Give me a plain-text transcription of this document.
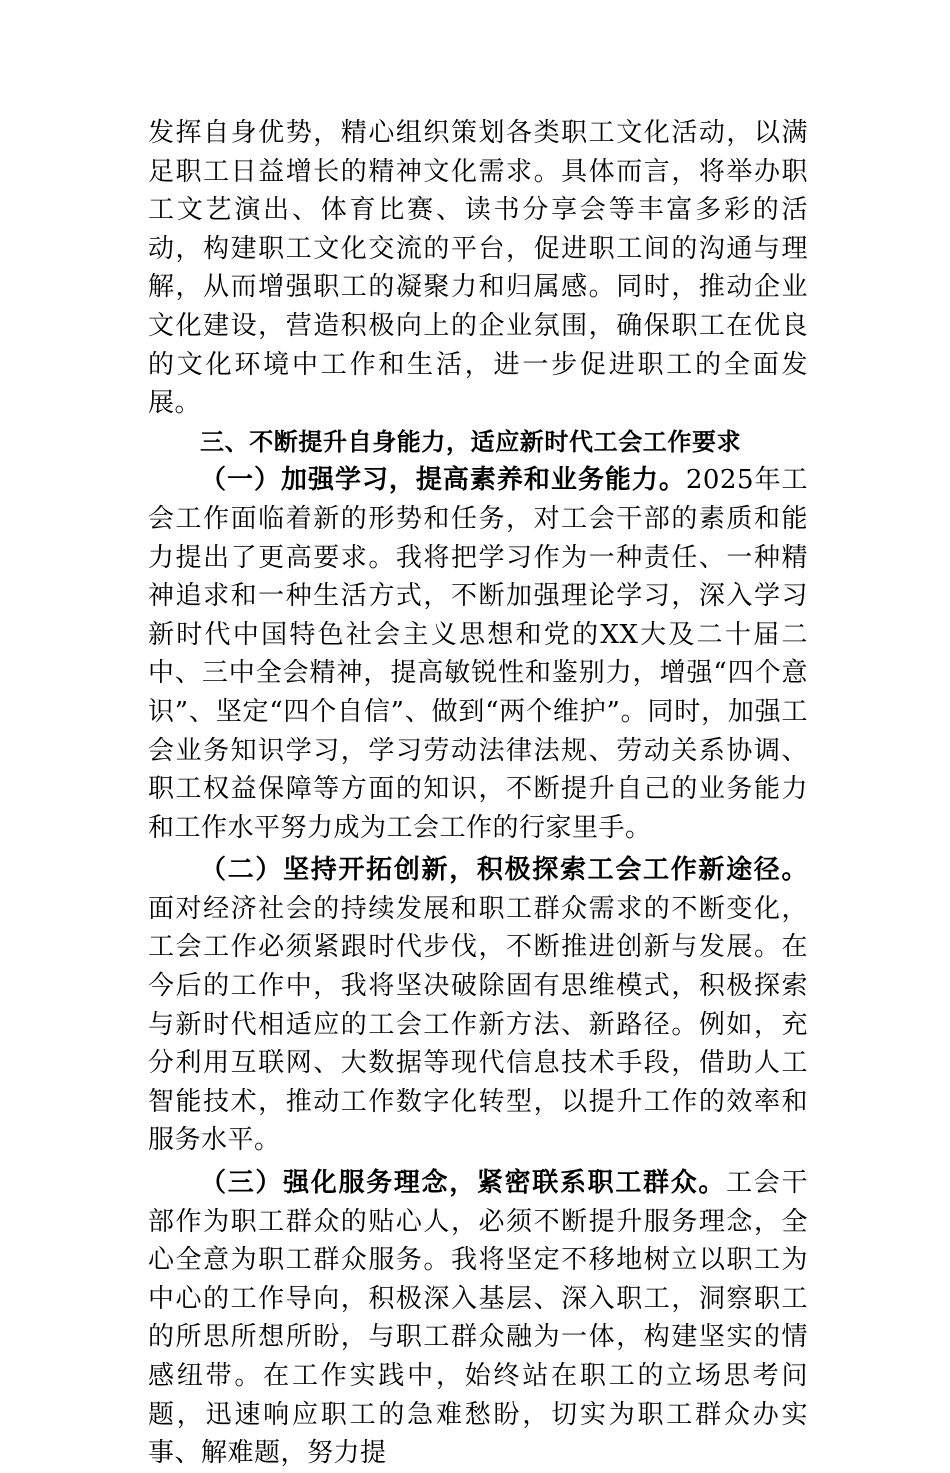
发挥自身优势，精心组织策划各类职工文化活动，以满足职工日益增长的精神文化需求。具体而言，将举办职工文艺演出、体育比赛、读书分享会等丰富多彩的活动，构建职工文化交流的平台，促进职工间的沟通与理解，从而增强职工的凝聚力和归属感。同时，推动企业文化建设，营造积极向上的企业氛围，确保职工在优良的文化环境中工作和生活，进一步促进职工的全面发展。

三、不断提升自身能力，适应新时代工会工作要求

（一）加强学习，提高素养和业务能力。2025年工会工作面临着新的形势和任务，对工会干部的素质和能力提出了更高要求。我将把学习作为一种责任、一种精神追求和一种生活方式，不断加强理论学习，深入学习新时代中国特色社会主义思想和党的XX大及二十届二中、三中全会精神，提高敏锐性和鉴别力，增强“四个意识”、坚定“四个自信”、做到“两个维护”。同时，加强工会业务知识学习，学习劳动法律法规、劳动关系协调、职工权益保障等方面的知识，不断提升自己的业务能力和工作水平努力成为工会工作的行家里手。

（二）坚持开拓创新，积极探索工会工作新途径。面对经济社会的持续发展和职工群众需求的不断变化，工会工作必须紧跟时代步伐，不断推进创新与发展。在今后的工作中，我将坚决破除固有思维模式，积极探索与新时代相适应的工会工作新方法、新路径。例如，充分利用互联网、大数据等现代信息技术手段，借助人工智能技术，推动工作数字化转型，以提升工作的效率和服务水平。

（三）强化服务理念，紧密联系职工群众。工会干部作为职工群众的贴心人，必须不断提升服务理念，全心全意为职工群众服务。我将坚定不移地树立以职工为中心的工作导向，积极深入基层、深入职工，洞察职工的所思所想所盼，与职工群众融为一体，构建坚实的情感纽带。在工作实践中，始终站在职工的立场思考问题，迅速响应职工的急难愁盼，切实为职工群众办实事、解难题，努力提
